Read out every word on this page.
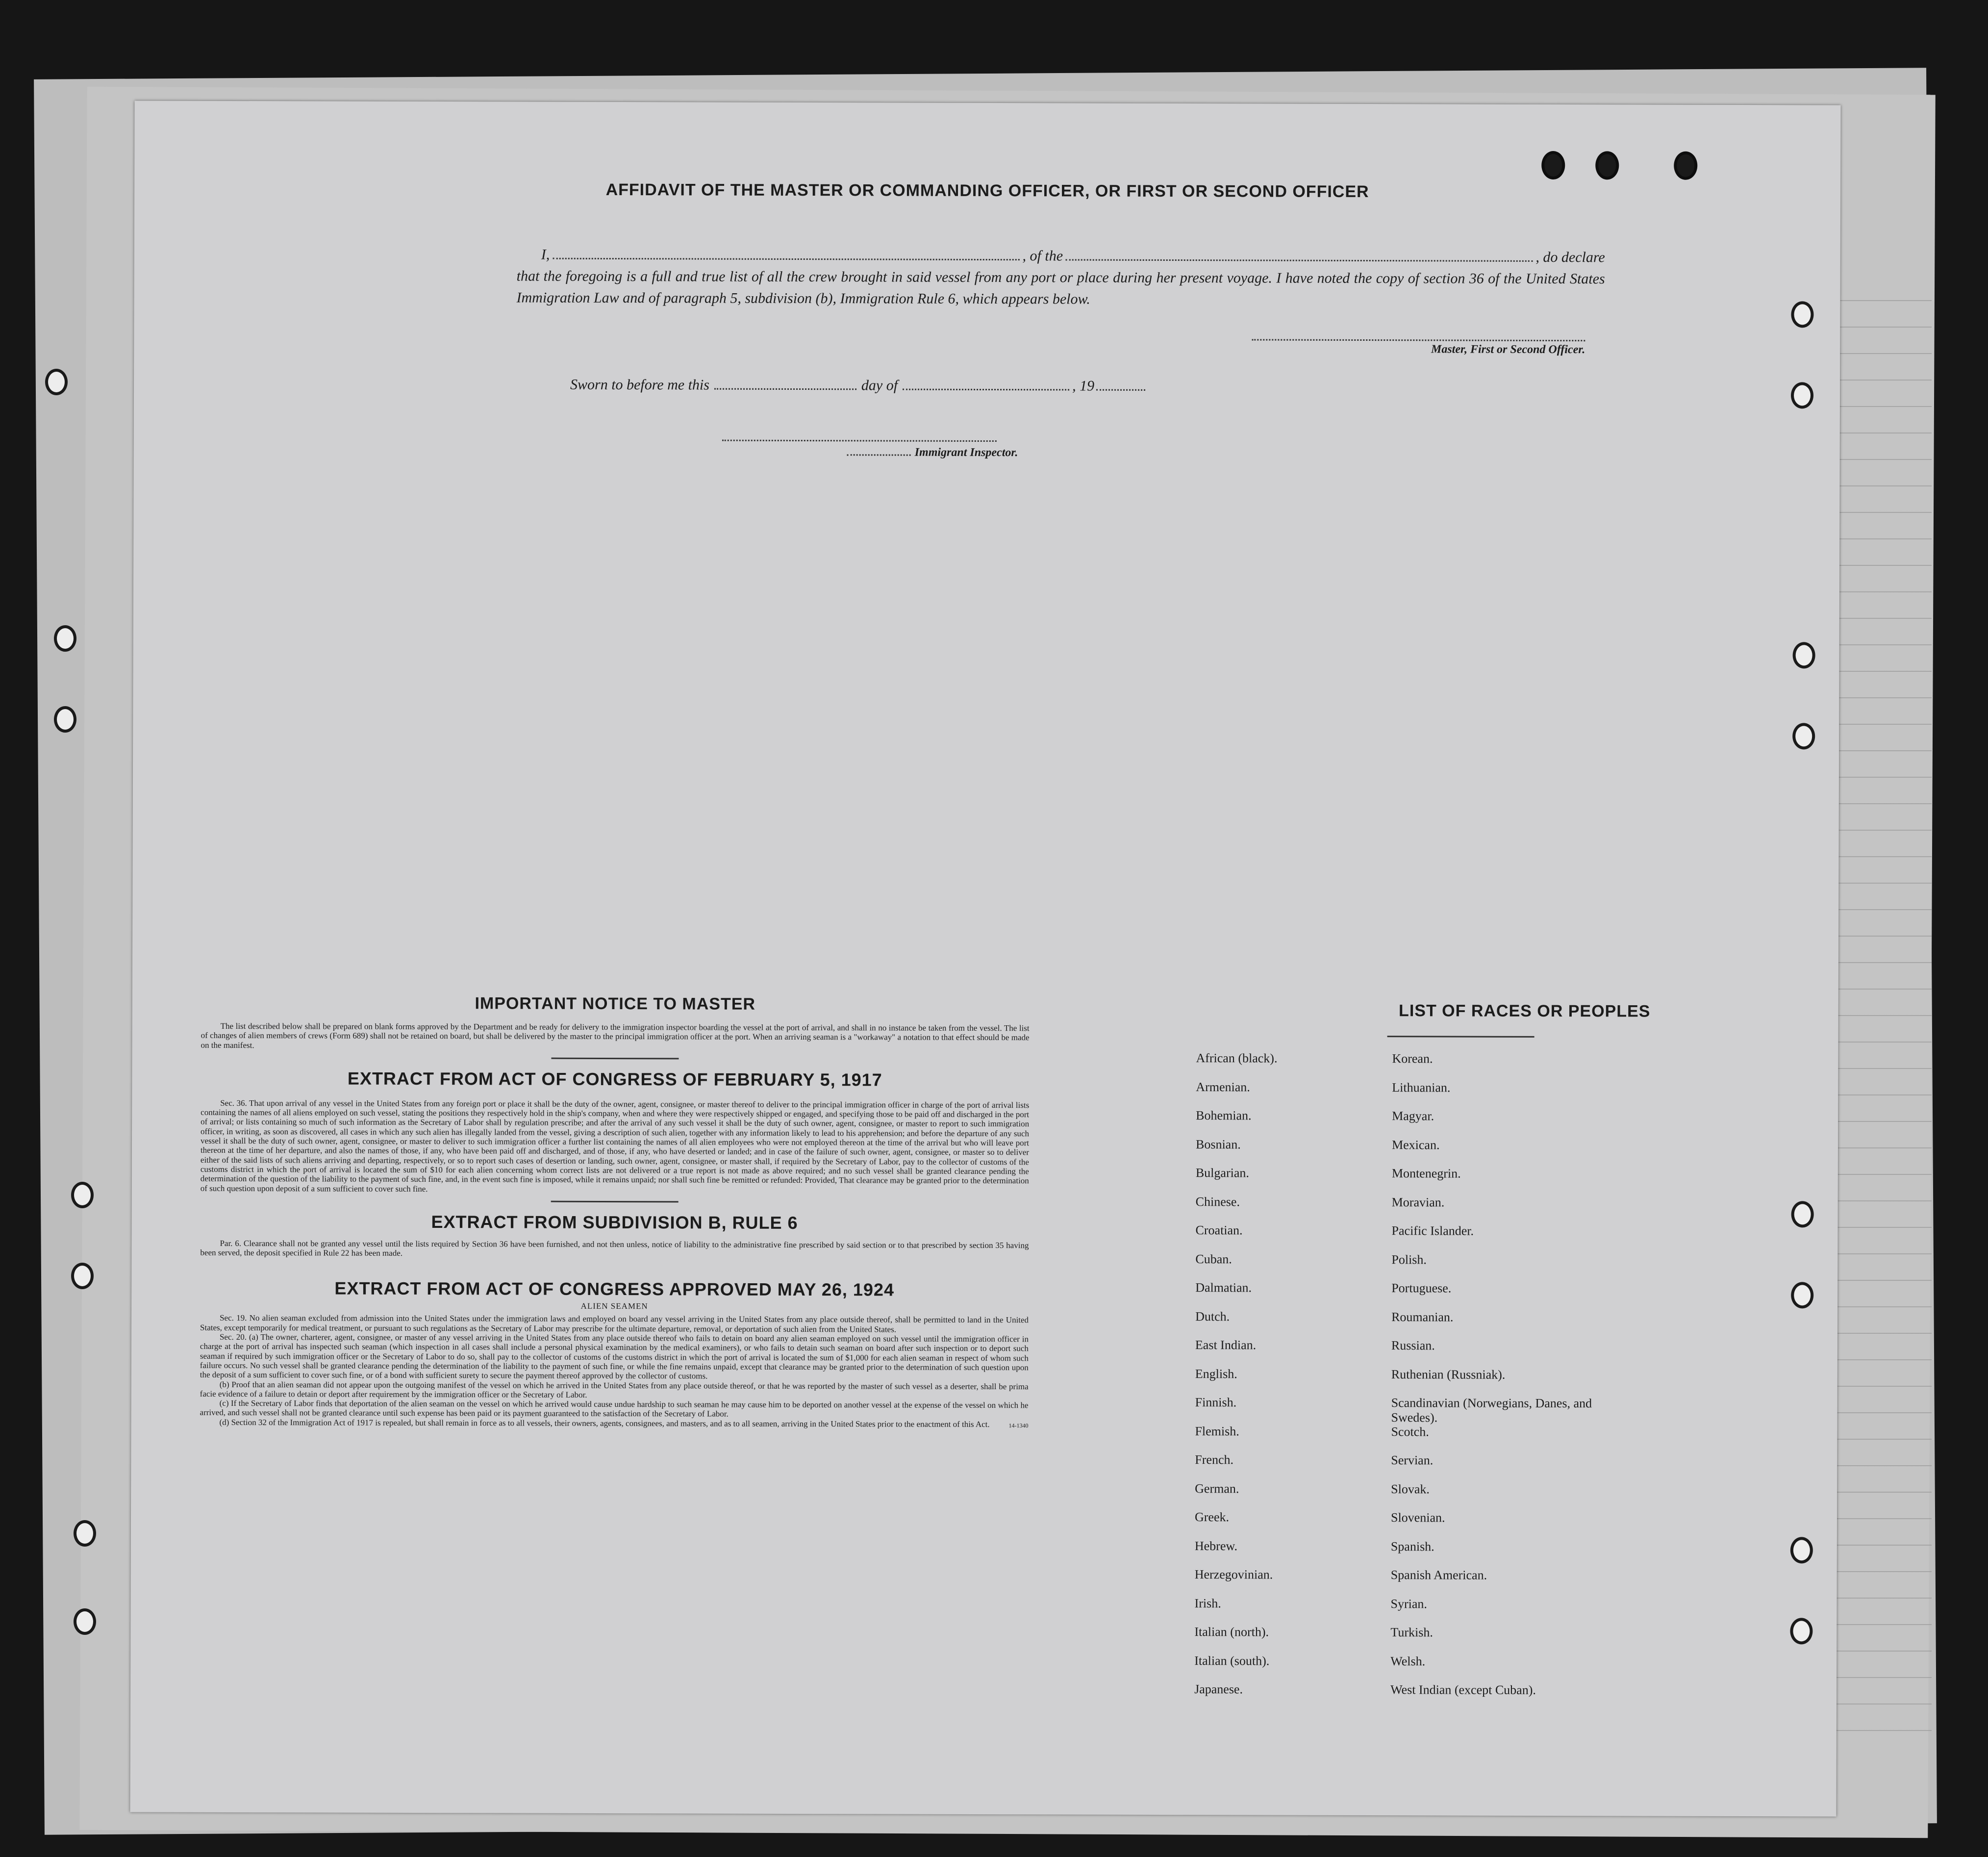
AFFIDAVIT OF THE MASTER OR COMMANDING OFFICER, OR FIRST OR SECOND OFFICER
I,	, of the	, do declare
that the foregoing is a full and true list of all the crew brought in said vessel from any port or place during her present voyage. I have noted the copy of section 36 of the United States Immigration Law and of paragraph 5, subdivision (b), Immigration Rule 6, which appears below.
Master, First or Second Officer.
Sworn to before me this	day of	, 19
Immigrant Inspector.
IMPORTANT NOTICE TO MASTER

The list described below shall be prepared on blank forms approved by the Department and be ready for delivery to the immigration inspector boarding the vessel at the port of arrival, and shall in no instance be taken from the vessel. The list of changes of alien members of crews (Form 689) shall not be retained on board, but shall be delivered by the master to the principal immigration officer at the port. When an arriving seaman is a "workaway" a notation to that effect should be made on the manifest.

EXTRACT FROM ACT OF CONGRESS OF FEBRUARY 5, 1917

Sec. 36. That upon arrival of any vessel in the United States from any foreign port or place it shall be the duty of the owner, agent, consignee, or master thereof to deliver to the principal immigration officer in charge of the port of arrival lists containing the names of all aliens employed on such vessel, stating the positions they respectively hold in the ship's company, when and where they were respectively shipped or engaged, and specifying those to be paid off and discharged in the port of arrival; or lists containing so much of such information as the Secretary of Labor shall by regulation prescribe; and after the arrival of any such vessel it shall be the duty of such owner, agent, consignee, or master to report to such immigration officer, in writing, as soon as discovered, all cases in which any such alien has illegally landed from the vessel, giving a description of such alien, together with any information likely to lead to his apprehension; and before the departure of any such vessel it shall be the duty of such owner, agent, consignee, or master to deliver to such immigration officer a further list containing the names of all alien employees who were not employed thereon at the time of the arrival but who will leave port thereon at the time of her departure, and also the names of those, if any, who have been paid off and discharged, and of those, if any, who have deserted or landed; and in case of the failure of such owner, agent, consignee, or master so to deliver either of the said lists of such aliens arriving and departing, respectively, or so to report such cases of desertion or landing, such owner, agent, consignee, or master shall, if required by the Secretary of Labor, pay to the collector of customs of the customs district in which the port of arrival is located the sum of $10 for each alien concerning whom correct lists are not delivered or a true report is not made as above required; and no such vessel shall be granted clearance pending the determination of the question of the liability to the payment of such fine, and, in the event such fine is imposed, while it remains unpaid; nor shall such fine be remitted or refunded: Provided, That clearance may be granted prior to the determination of such question upon deposit of a sum sufficient to cover such fine.

EXTRACT FROM SUBDIVISION B, RULE 6

Par. 6. Clearance shall not be granted any vessel until the lists required by Section 36 have been furnished, and not then unless, notice of liability to the administrative fine prescribed by said section or to that prescribed by section 35 having been served, the deposit specified in Rule 22 has been made.

EXTRACT FROM ACT OF CONGRESS APPROVED MAY 26, 1924
ALIEN SEAMEN

Sec. 19. No alien seaman excluded from admission into the United States under the immigration laws and employed on board any vessel arriving in the United States from any place outside thereof, shall be permitted to land in the United States, except temporarily for medical treatment, or pursuant to such regulations as the Secretary of Labor may prescribe for the ultimate departure, removal, or deportation of such alien from the United States.

Sec. 20. (a) The owner, charterer, agent, consignee, or master of any vessel arriving in the United States from any place outside thereof who fails to detain on board any alien seaman employed on such vessel until the immigration officer in charge at the port of arrival has inspected such seaman (which inspection in all cases shall include a personal physical examination by the medical examiners), or who fails to detain such seaman on board after such inspection or to deport such seaman if required by such immigration officer or the Secretary of Labor to do so, shall pay to the collector of customs of the customs district in which the port of arrival is located the sum of $1,000 for each alien seaman in respect of whom such failure occurs. No such vessel shall be granted clearance pending the determination of the liability to the payment of such fine, or while the fine remains unpaid, except that clearance may be granted prior to the determination of such question upon the deposit of a sum sufficient to cover such fine, or of a bond with sufficient surety to secure the payment thereof approved by the collector of customs.

(b) Proof that an alien seaman did not appear upon the outgoing manifest of the vessel on which he arrived in the United States from any place outside thereof, or that he was reported by the master of such vessel as a deserter, shall be prima facie evidence of a failure to detain or deport after requirement by the immigration officer or the Secretary of Labor.

(c) If the Secretary of Labor finds that deportation of the alien seaman on the vessel on which he arrived would cause undue hardship to such seaman he may cause him to be deported on another vessel at the expense of the vessel on which he arrived, and such vessel shall not be granted clearance until such expense has been paid or its payment guaranteed to the satisfaction of the Secretary of Labor.

(d) Section 32 of the Immigration Act of 1917 is repealed, but shall remain in force as to all vessels, their owners, agents, consignees, and masters, and as to all seamen, arriving in the United States prior to the enactment of this Act.	14-1340
LIST OF RACES OR PEOPLES
African (black).
Armenian.
Bohemian.
Bosnian.
Bulgarian.
Chinese.
Croatian.
Cuban.
Dalmatian.
Dutch.
East Indian.
English.
Finnish.
Flemish.
French.
German.
Greek.
Hebrew.
Herzegovinian.
Irish.
Italian (north).
Italian (south).
Japanese.
Korean.
Lithuanian.
Magyar.
Mexican.
Montenegrin.
Moravian.
Pacific Islander.
Polish.
Portuguese.
Roumanian.
Russian.
Ruthenian (Russniak).
Scandinavian (Norwegians, Danes, and Swedes).
Scotch.
Servian.
Slovak.
Slovenian.
Spanish.
Spanish American.
Syrian.
Turkish.
Welsh.
West Indian (except Cuban).
